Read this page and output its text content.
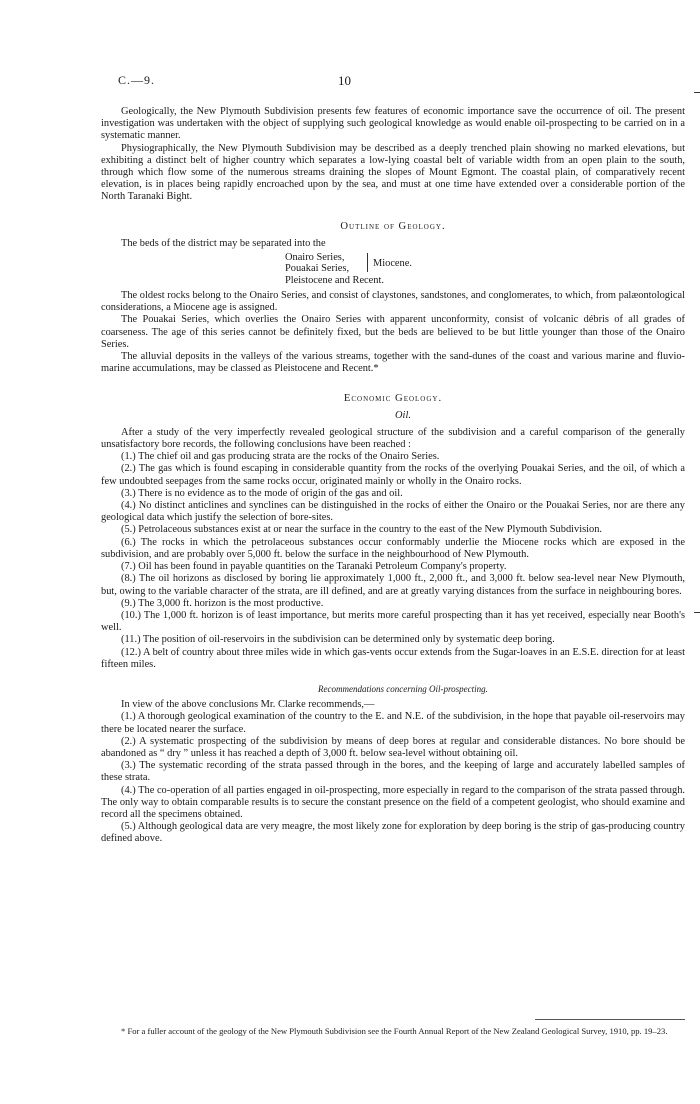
C.—9.	10

Geologically, the New Plymouth Subdivision presents few features of economic importance save the occurrence of oil. The present investigation was undertaken with the object of supplying such geological knowledge as would enable oil-prospecting to be carried on in a systematic manner.

Physiographically, the New Plymouth Subdivision may be described as a deeply trenched plain showing no marked elevations, but exhibiting a distinct belt of higher country which separates a low-lying coastal belt of variable width from an open plain to the south, through which flow some of the numerous streams draining the slopes of Mount Egmont. The coastal plain, of comparatively recent elevation, is in places being rapidly encroached upon by the sea, and must at one time have extended over a considerable portion of the North Taranaki Bight.

Outline of Geology.

The beds of the district may be separated into the

Onairo Series,
Pouakai Series,
Pleistocene and Recent.
Miocene.

The oldest rocks belong to the Onairo Series, and consist of claystones, sandstones, and conglomerates, to which, from palæontological considerations, a Miocene age is assigned.

The Pouakai Series, which overlies the Onairo Series with apparent unconformity, consist of volcanic débris of all grades of coarseness. The age of this series cannot be definitely fixed, but the beds are believed to be but little younger than those of the Onairo Series.

The alluvial deposits in the valleys of the various streams, together with the sand-dunes of the coast and various marine and fluvio-marine accumulations, may be classed as Pleistocene and Recent.*

Economic Geology.

Oil.

After a study of the very imperfectly revealed geological structure of the subdivision and a careful comparison of the generally unsatisfactory bore records, the following conclusions have been reached :

(1.) The chief oil and gas producing strata are the rocks of the Onairo Series.

(2.) The gas which is found escaping in considerable quantity from the rocks of the overlying Pouakai Series, and the oil, of which a few undoubted seepages from the same rocks occur, originated mainly or wholly in the Onairo rocks.

(3.) There is no evidence as to the mode of origin of the gas and oil.

(4.) No distinct anticlines and synclines can be distinguished in the rocks of either the Onairo or the Pouakai Series, nor are there any geological data which justify the selection of bore-sites.

(5.) Petrolaceous substances exist at or near the surface in the country to the east of the New Plymouth Subdivision.

(6.) The rocks in which the petrolaceous substances occur conformably underlie the Miocene rocks which are exposed in the subdivision, and are probably over 5,000 ft. below the surface in the neighbourhood of New Plymouth.

(7.) Oil has been found in payable quantities on the Taranaki Petroleum Company's property.

(8.) The oil horizons as disclosed by boring lie approximately 1,000 ft., 2,000 ft., and 3,000 ft. below sea-level near New Plymouth, but, owing to the variable character of the strata, are ill defined, and are at greatly varying distances from the surface in neighbouring bores.

(9.) The 3,000 ft. horizon is the most productive.

(10.) The 1,000 ft. horizon is of least importance, but merits more careful prospecting than it has yet received, especially near Booth's well.

(11.) The position of oil-reservoirs in the subdivision can be determined only by systematic deep boring.

(12.) A belt of country about three miles wide in which gas-vents occur extends from the Sugar-loaves in an E.S.E. direction for at least fifteen miles.

Recommendations concerning Oil-prospecting.

In view of the above conclusions Mr. Clarke recommends,—

(1.) A thorough geological examination of the country to the E. and N.E. of the subdivision, in the hope that payable oil-reservoirs may there be located nearer the surface.

(2.) A systematic prospecting of the subdivision by means of deep bores at regular and considerable distances. No bore should be abandoned as “ dry ” unless it has reached a depth of 3,000 ft. below sea-level without obtaining oil.

(3.) The systematic recording of the strata passed through in the bores, and the keeping of large and accurately labelled samples of these strata.

(4.) The co-operation of all parties engaged in oil-prospecting, more especially in regard to the comparison of the strata passed through. The only way to obtain comparable results is to secure the constant presence on the field of a competent geologist, who should examine and record all the specimens obtained.

(5.) Although geological data are very meagre, the most likely zone for exploration by deep boring is the strip of gas-producing country defined above.

* For a fuller account of the geology of the New Plymouth Subdivision see the Fourth Annual Report of the New Zealand Geological Survey, 1910, pp. 19–23.
